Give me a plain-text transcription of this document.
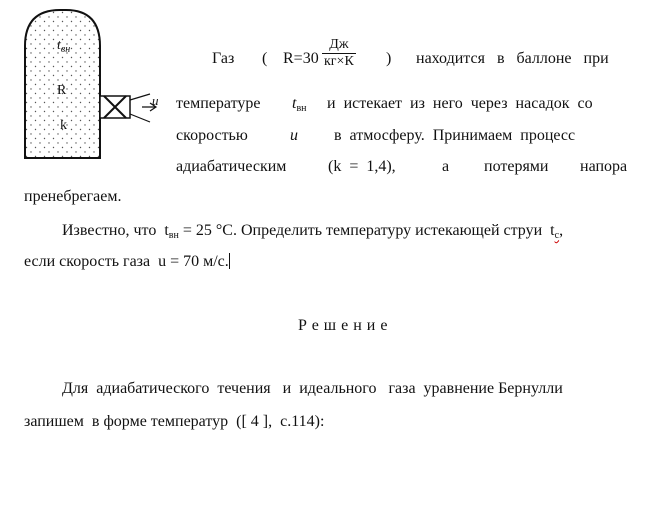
$t_{вн}$
R
k
u
Газ ( R=30
Дж
кг×К ) находится   в   баллоне   при
температуре $t_{вн}$ и  истекает  из  него  через  насадок  со
скоростью	u в  атмосферу.  Принимаем  процесс
адиабатическим	(k  =  1,4),	а потерями напора
пренебрегаем.
Известно, что $t_{вн} = 25$ °С. Определить температуру истекающей струи $t_с$,
если скорость газа  u = 70 м/с.
Решение
Для  адиабатического  течения   и  идеального   газа  уравнение Бернулли
запишем  в форме температур  ([ 4 ],  с.114):
